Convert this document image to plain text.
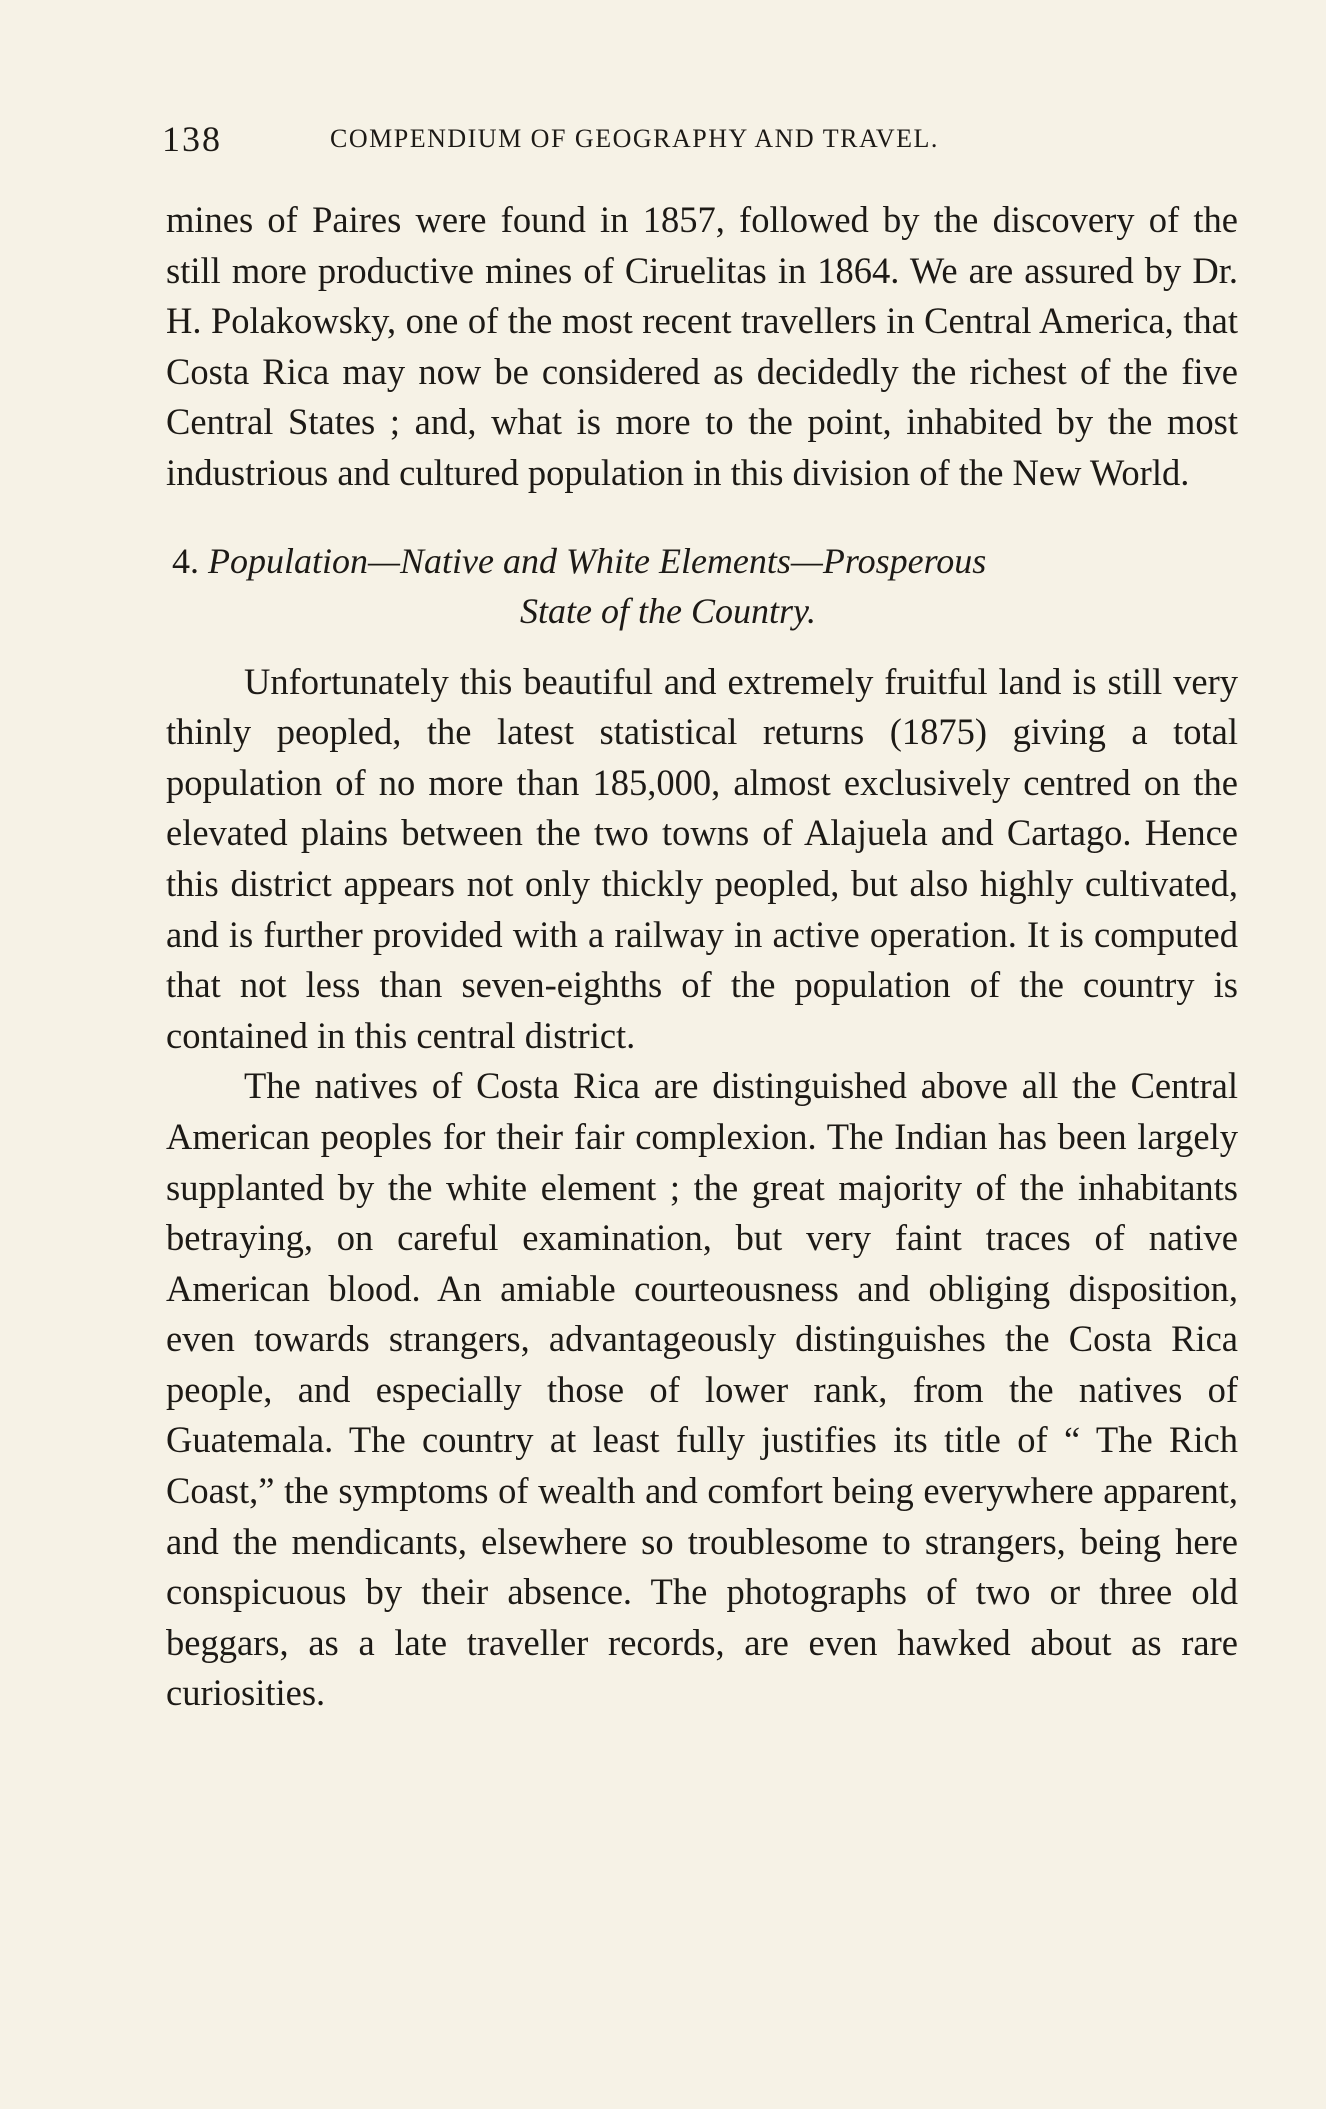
138	COMPENDIUM OF GEOGRAPHY AND TRAVEL.

mines of Paires were found in 1857, followed by the discovery of the still more productive mines of Ciruelitas in 1864. We are assured by Dr. H. Polakowsky, one of the most recent travellers in Central America, that Costa Rica may now be considered as decidedly the richest of the five Central States ; and, what is more to the point, inhabited by the most industrious and cultured population in this division of the New World.

4. Population—Native and White Elements—Prosperous
State of the Country.

Unfortunately this beautiful and extremely fruitful land is still very thinly peopled, the latest statistical returns (1875) giving a total population of no more than 185,000, almost exclusively centred on the elevated plains between the two towns of Alajuela and Cartago. Hence this district appears not only thickly peopled, but also highly cultivated, and is further provided with a railway in active operation. It is computed that not less than seven-eighths of the population of the country is contained in this central district.

The natives of Costa Rica are distinguished above all the Central American peoples for their fair complexion. The Indian has been largely supplanted by the white element ; the great majority of the inhabitants betraying, on careful examination, but very faint traces of native American blood. An amiable courteousness and obliging disposition, even towards strangers, advantageously distinguishes the Costa Rica people, and especially those of lower rank, from the natives of Guatemala. The country at least fully justifies its title of “ The Rich Coast,” the symptoms of wealth and comfort being everywhere apparent, and the mendicants, elsewhere so troublesome to strangers, being here conspicuous by their absence. The photographs of two or three old beggars, as a late traveller records, are even hawked about as rare curiosities.
